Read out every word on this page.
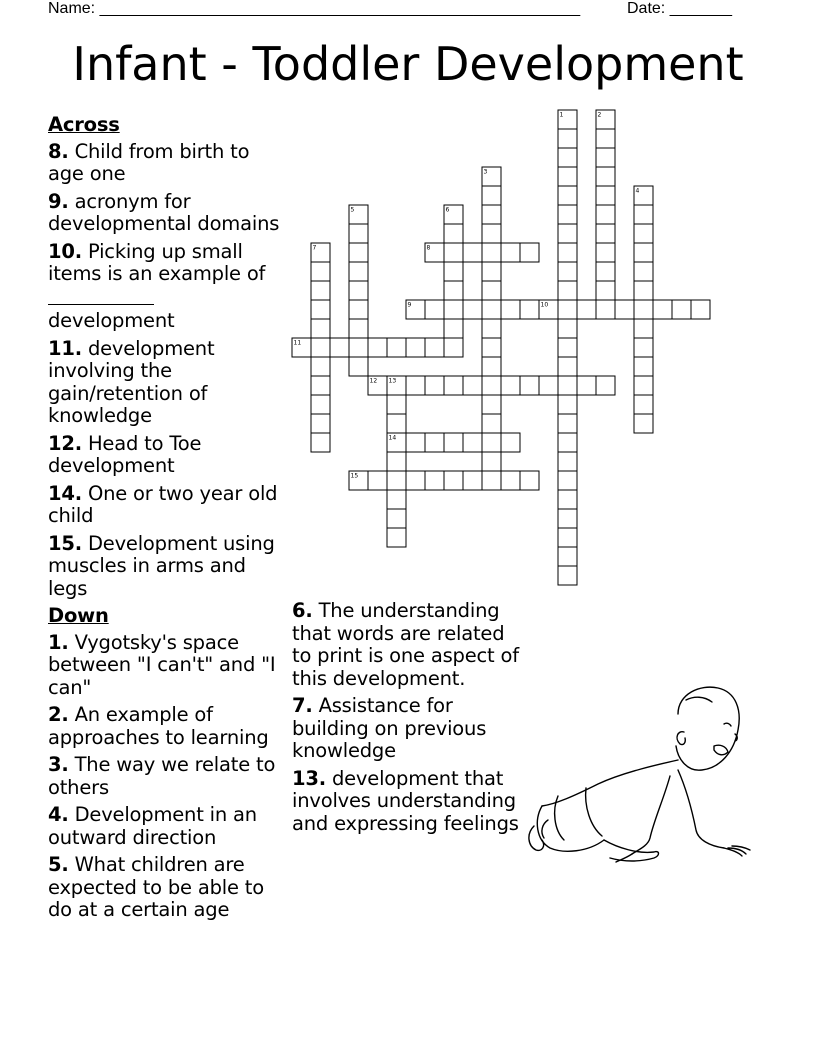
Name: ______________________________________________________	Date: _______
Infant - Toddler Development
Across
8. Child from birth to age one
9. acronym for developmental domains
10. Picking up small items is an example of

development
11. development involving the gain/retention of knowledge
12. Head to Toe development
14. One or two year old child
15. Development using muscles in arms and legs
Down
1. Vygotsky's space between "I can't" and "I can"
2. An example of approaches to learning
3. The way we relate to others
4. Development in an outward direction
5. What children are expected to be able to do at a certain age
6. The understanding that words are related to print is one aspect of this development.
7. Assistance for building on previous knowledge
13. development that involves understanding and expressing feelings
1	2
3
4
5	6
7	8
9	10
11
12 13
14
15
